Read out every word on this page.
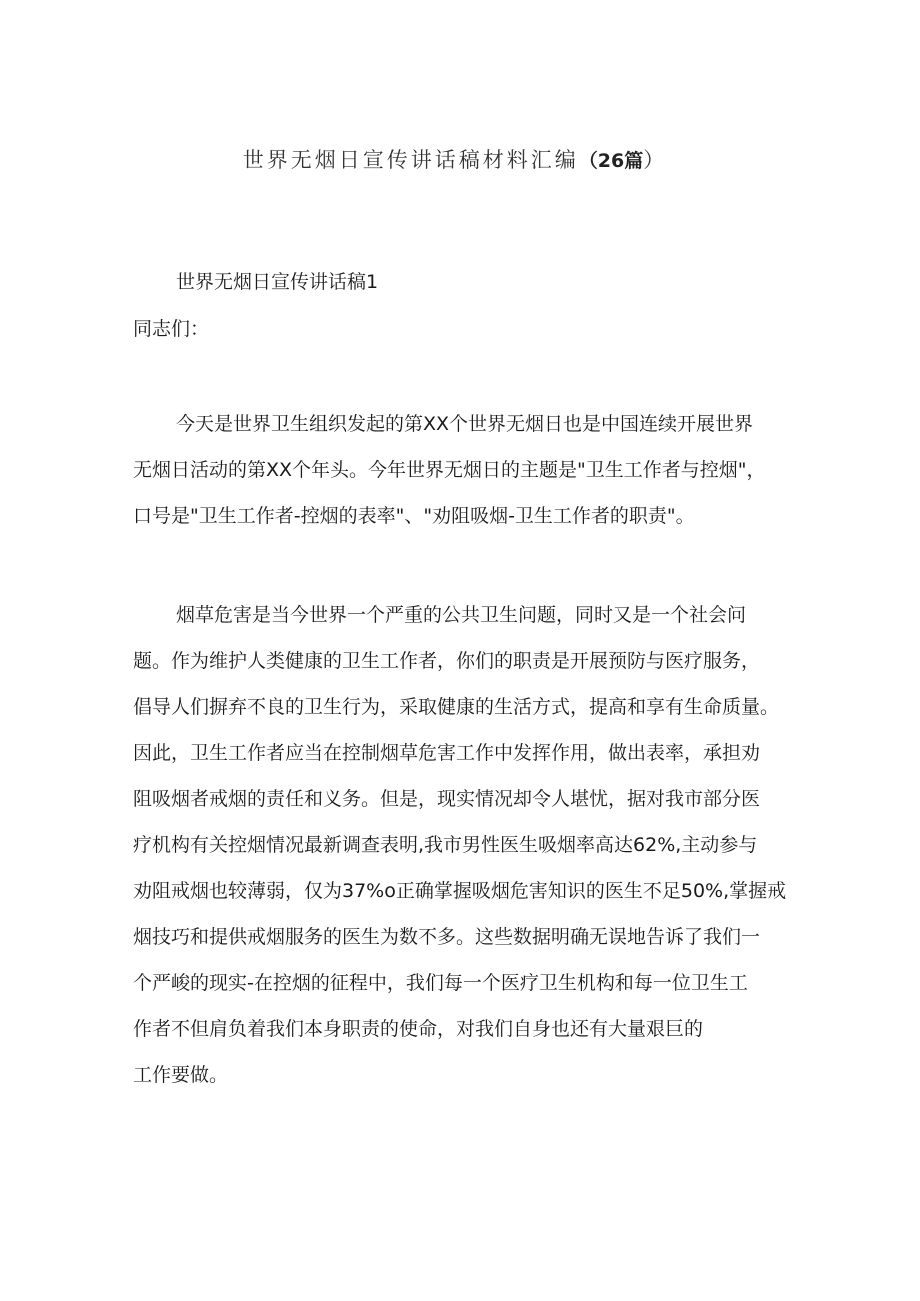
世界无烟日宣传讲话稿材料汇编（26篇）

世界无烟日宣传讲话稿1

同志们：

今天是世界卫生组织发起的第XX个世界无烟日也是中国连续开展世界
无烟日活动的第XX个年头。今年世界无烟日的主题是"卫生工作者与控烟"，
口号是"卫生工作者-控烟的表率"、"劝阻吸烟-卫生工作者的职责"。
烟草危害是当今世界一个严重的公共卫生问题，同时又是一个社会问
题。作为维护人类健康的卫生工作者，你们的职责是开展预防与医疗服务，
倡导人们摒弃不良的卫生行为，采取健康的生活方式，提高和享有生命质量。
因此，卫生工作者应当在控制烟草危害工作中发挥作用，做出表率，承担劝
阻吸烟者戒烟的责任和义务。但是，现实情况却令人堪忧，据对我市部分医
疗机构有关控烟情况最新调查表明,我市男性医生吸烟率高达62%,主动参与
劝阻戒烟也较薄弱，仅为37%o正确掌握吸烟危害知识的医生不足50%,掌握戒
烟技巧和提供戒烟服务的医生为数不多。这些数据明确无误地告诉了我们一
个严峻的现实-在控烟的征程中，我们每一个医疗卫生机构和每一位卫生工
作者不但肩负着我们本身职责的使命，对我们自身也还有大量艰巨的
工作要做。
